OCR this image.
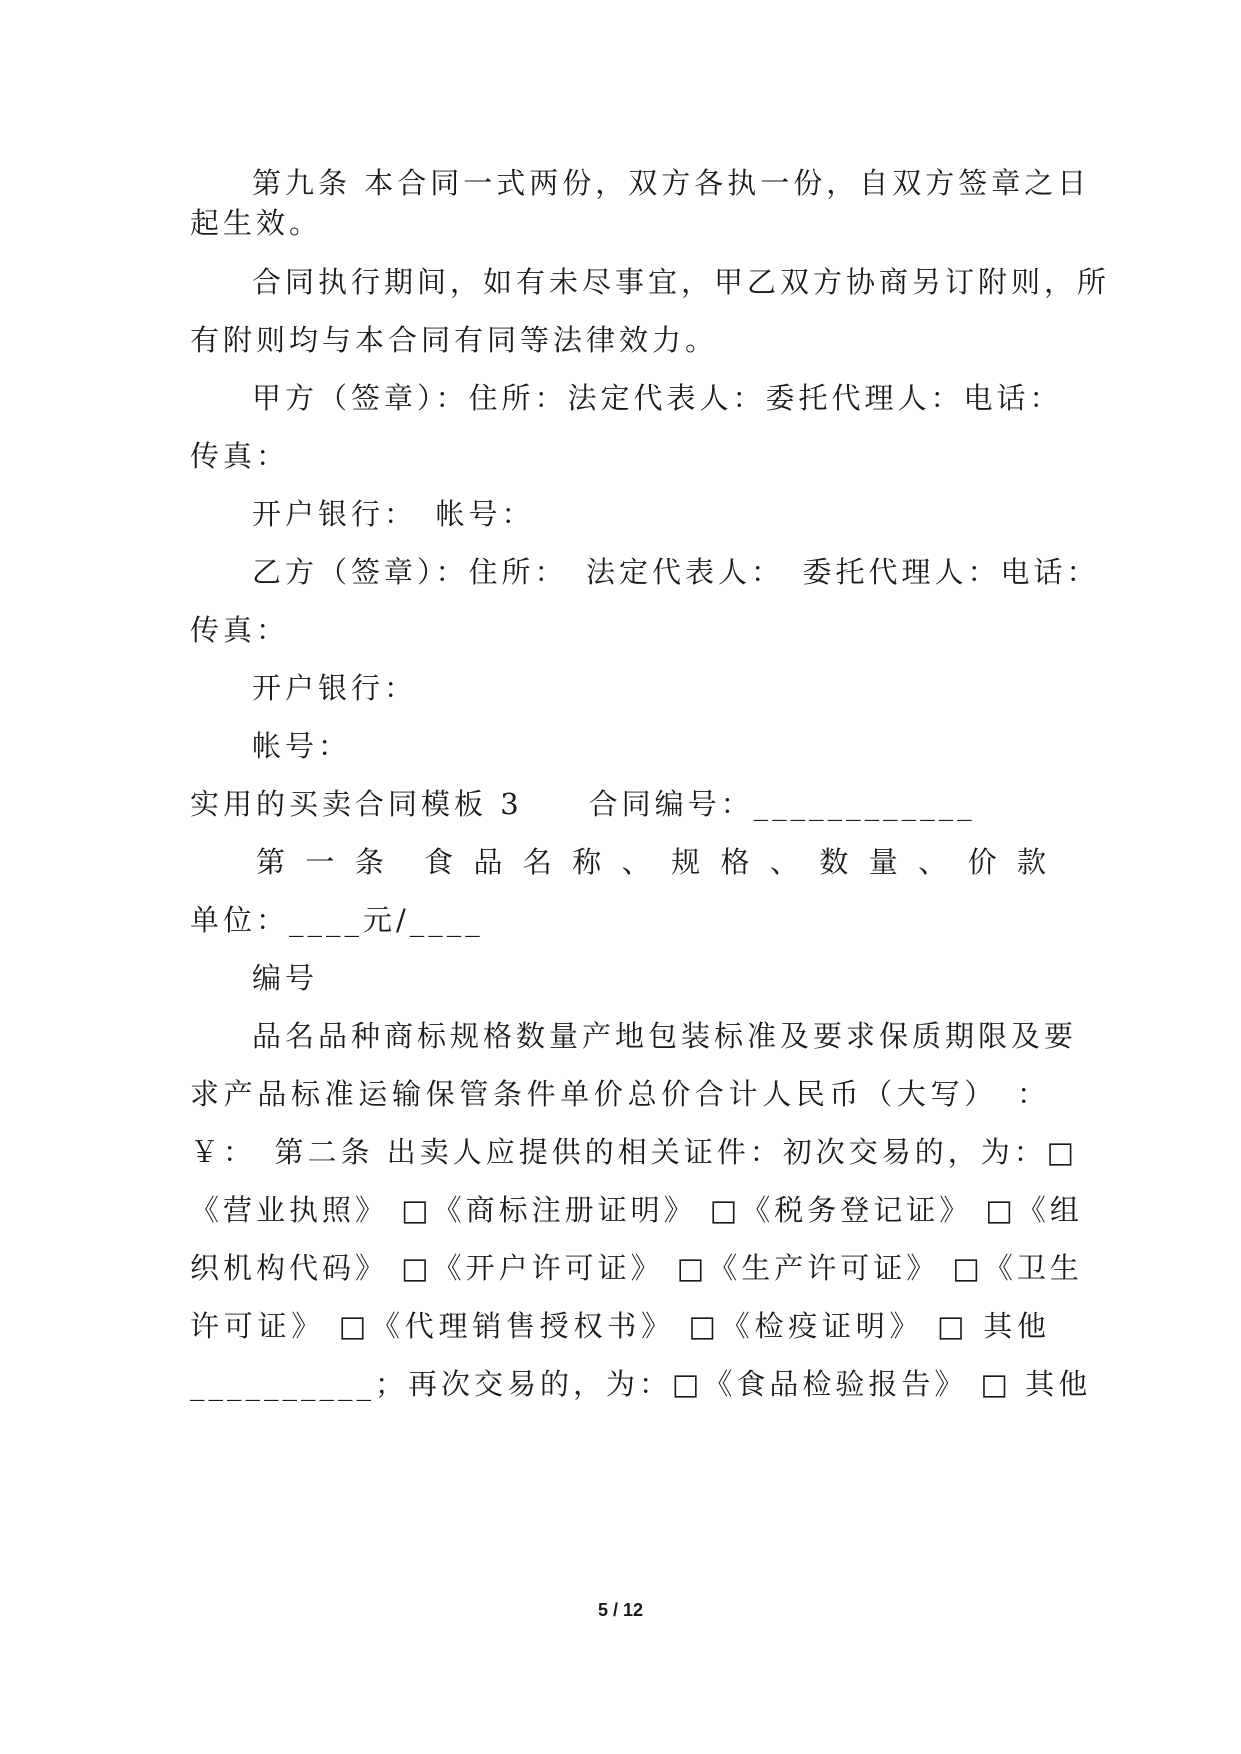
第九条 本合同一式两份，双方各执一份，自双方签章之日
起生效。
合同执行期间，如有未尽事宜，甲乙双方协商另订附则，所
有附则均与本合同有同等法律效力。
甲方（签章）：住所：法定代表人：委托代理人：电话：
传真：
开户银行：　帐号：
乙方（签章）：住所：　法定代表人：　委托代理人：电话：
传真：
开户银行：
帐号：
实用的买卖合同模板 3　　合同编号：____________
第 一 条　食 品 名 称 、 规 格 、 数 量 、 价 款
单位：____元/____
编号
品名品种商标规格数量产地包装标准及要求保质期限及要
求产品标准运输保管条件单价总价合计人民币（大写）　：
￥：　第二条 出卖人应提供的相关证件：初次交易的，为：□
《营业执照》 □《商标注册证明》 □《税务登记证》 □《组
织机构代码》 □《开户许可证》 □《生产许可证》 □《卫生
许可证》 □《代理销售授权书》 □《检疫证明》 □ 其他
__________；再次交易的，为：□《食品检验报告》 □ 其他
5 / 12
